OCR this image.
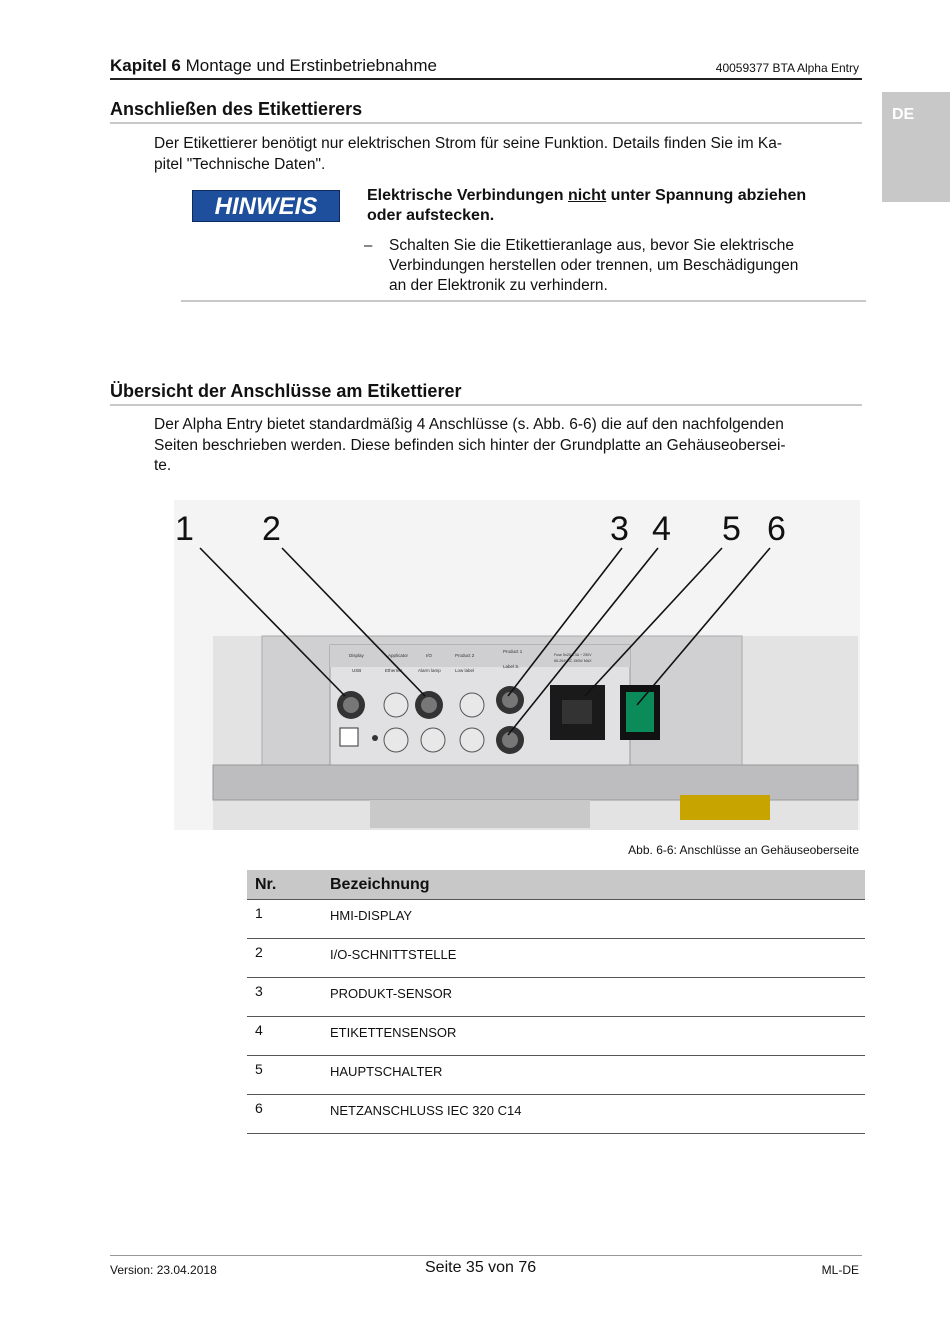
Kapitel 6 Montage und Erstinbetriebnahme	40059377 BTA Alpha Entry
DE
Anschließen des Etikettierers
Der Etikettierer benötigt nur elektrischen Strom für seine Funktion. Details finden Sie im Ka-
pitel "Technische Daten".
HINWEIS	Elektrische Verbindungen nicht unter Spannung abziehen
oder aufstecken.
– Schalten Sie die Etikettieranlage aus, bevor Sie elektrische
Verbindungen herstellen oder trennen, um Beschädigungen
an der Elektronik zu verhindern.
Übersicht der Anschlüsse am Etikettierer
Der Alpha Entry bietet standardmäßig 4 Anschlüsse (s. Abb. 6-6) die auf den nachfolgenden
Seiten beschrieben werden. Diese befinden sich hinter der Grundplatte an Gehäuseobersei-
te.
Display
USB
Applicator
Ethernet
I/O
Alarm lamp
Product 2
Low label
Product 1
Label S.
Fuse 5x20 6.3A ~ 250V
85-264VAC 150W MAX
1 2	3 4 5 6
Abb. 6-6: Anschlüsse an Gehäuseoberseite
Nr.	Bezeichnung
1	HMI-DISPLAY
2	I/O-SCHNITTSTELLE
3	PRODUKT-SENSOR
4	ETIKETTENSENSOR
5	HAUPTSCHALTER
6	NETZANSCHLUSS IEC 320 C14
Version: 23.04.2018	Seite 35 von 76	ML-DE
